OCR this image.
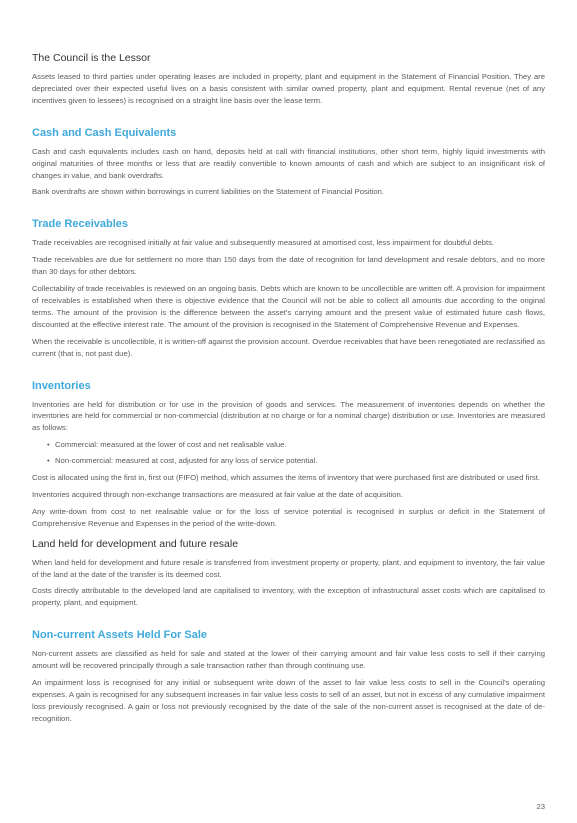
The Council is the Lessor

Assets leased to third parties under operating leases are included in property, plant and equipment in the Statement of Financial Position. They are depreciated over their expected useful lives on a basis consistent with similar owned property, plant and equipment. Rental revenue (net of any incentives given to lessees) is recognised on a straight line basis over the lease term.

Cash and Cash Equivalents

Cash and cash equivalents includes cash on hand, deposits held at call with financial institutions, other short term, highly liquid investments with original maturities of three months or less that are readily convertible to known amounts of cash and which are subject to an insignificant risk of changes in value, and bank overdrafts.

Bank overdrafts are shown within borrowings in current liabilities on the Statement of Financial Position.

Trade Receivables

Trade receivables are recognised initially at fair value and subsequently measured at amortised cost, less impairment for doubtful debts.

Trade receivables are due for settlement no more than 150 days from the date of recognition for land development and resale debtors, and no more than 30 days for other debtors.

Collectability of trade receivables is reviewed on an ongoing basis. Debts which are known to be uncollectible are written off. A provision for impairment of receivables is established when there is objective evidence that the Council will not be able to collect all amounts due according to the original terms. The amount of the provision is the difference between the asset's carrying amount and the present value of estimated future cash flows, discounted at the effective interest rate. The amount of the provision is recognised in the Statement of Comprehensive Revenue and Expenses.

When the receivable is uncollectible, it is written-off against the provision account. Overdue receivables that have been renegotiated are reclassified as current (that is, not past due).

Inventories

Inventories are held for distribution or for use in the provision of goods and services. The measurement of inventories depends on whether the inventories are held for commercial or non-commercial (distribution at no charge or for a nominal charge) distribution or use. Inventories are measured as follows:

• Commercial: measured at the lower of cost and net realisable value.
• Non-commercial: measured at cost, adjusted for any loss of service potential.

Cost is allocated using the first in, first out (FIFO) method, which assumes the items of inventory that were purchased first are distributed or used first.

Inventories acquired through non-exchange transactions are measured at fair value at the date of acquisition.

Any write-down from cost to net realisable value or for the loss of service potential is recognised in surplus or deficit in the Statement of Comprehensive Revenue and Expenses in the period of the write-down.

Land held for development and future resale

When land held for development and future resale is transferred from investment property or property, plant, and equipment to inventory, the fair value of the land at the date of the transfer is its deemed cost.

Costs directly attributable to the developed land are capitalised to inventory, with the exception of infrastructural asset costs which are capitalised to property, plant, and equipment.

Non-current Assets Held For Sale

Non-current assets are classified as held for sale and stated at the lower of their carrying amount and fair value less costs to sell if their carrying amount will be recovered principally through a sale transaction rather than through continuing use.

An impairment loss is recognised for any initial or subsequent write down of the asset to fair value less costs to sell in the Council's operating expenses. A gain is recognised for any subsequent increases in fair value less costs to sell of an asset, but not in excess of any cumulative impairment loss previously recognised. A gain or loss not previously recognised by the date of the sale of the non-current asset is recognised at the date of de-recognition.

23
